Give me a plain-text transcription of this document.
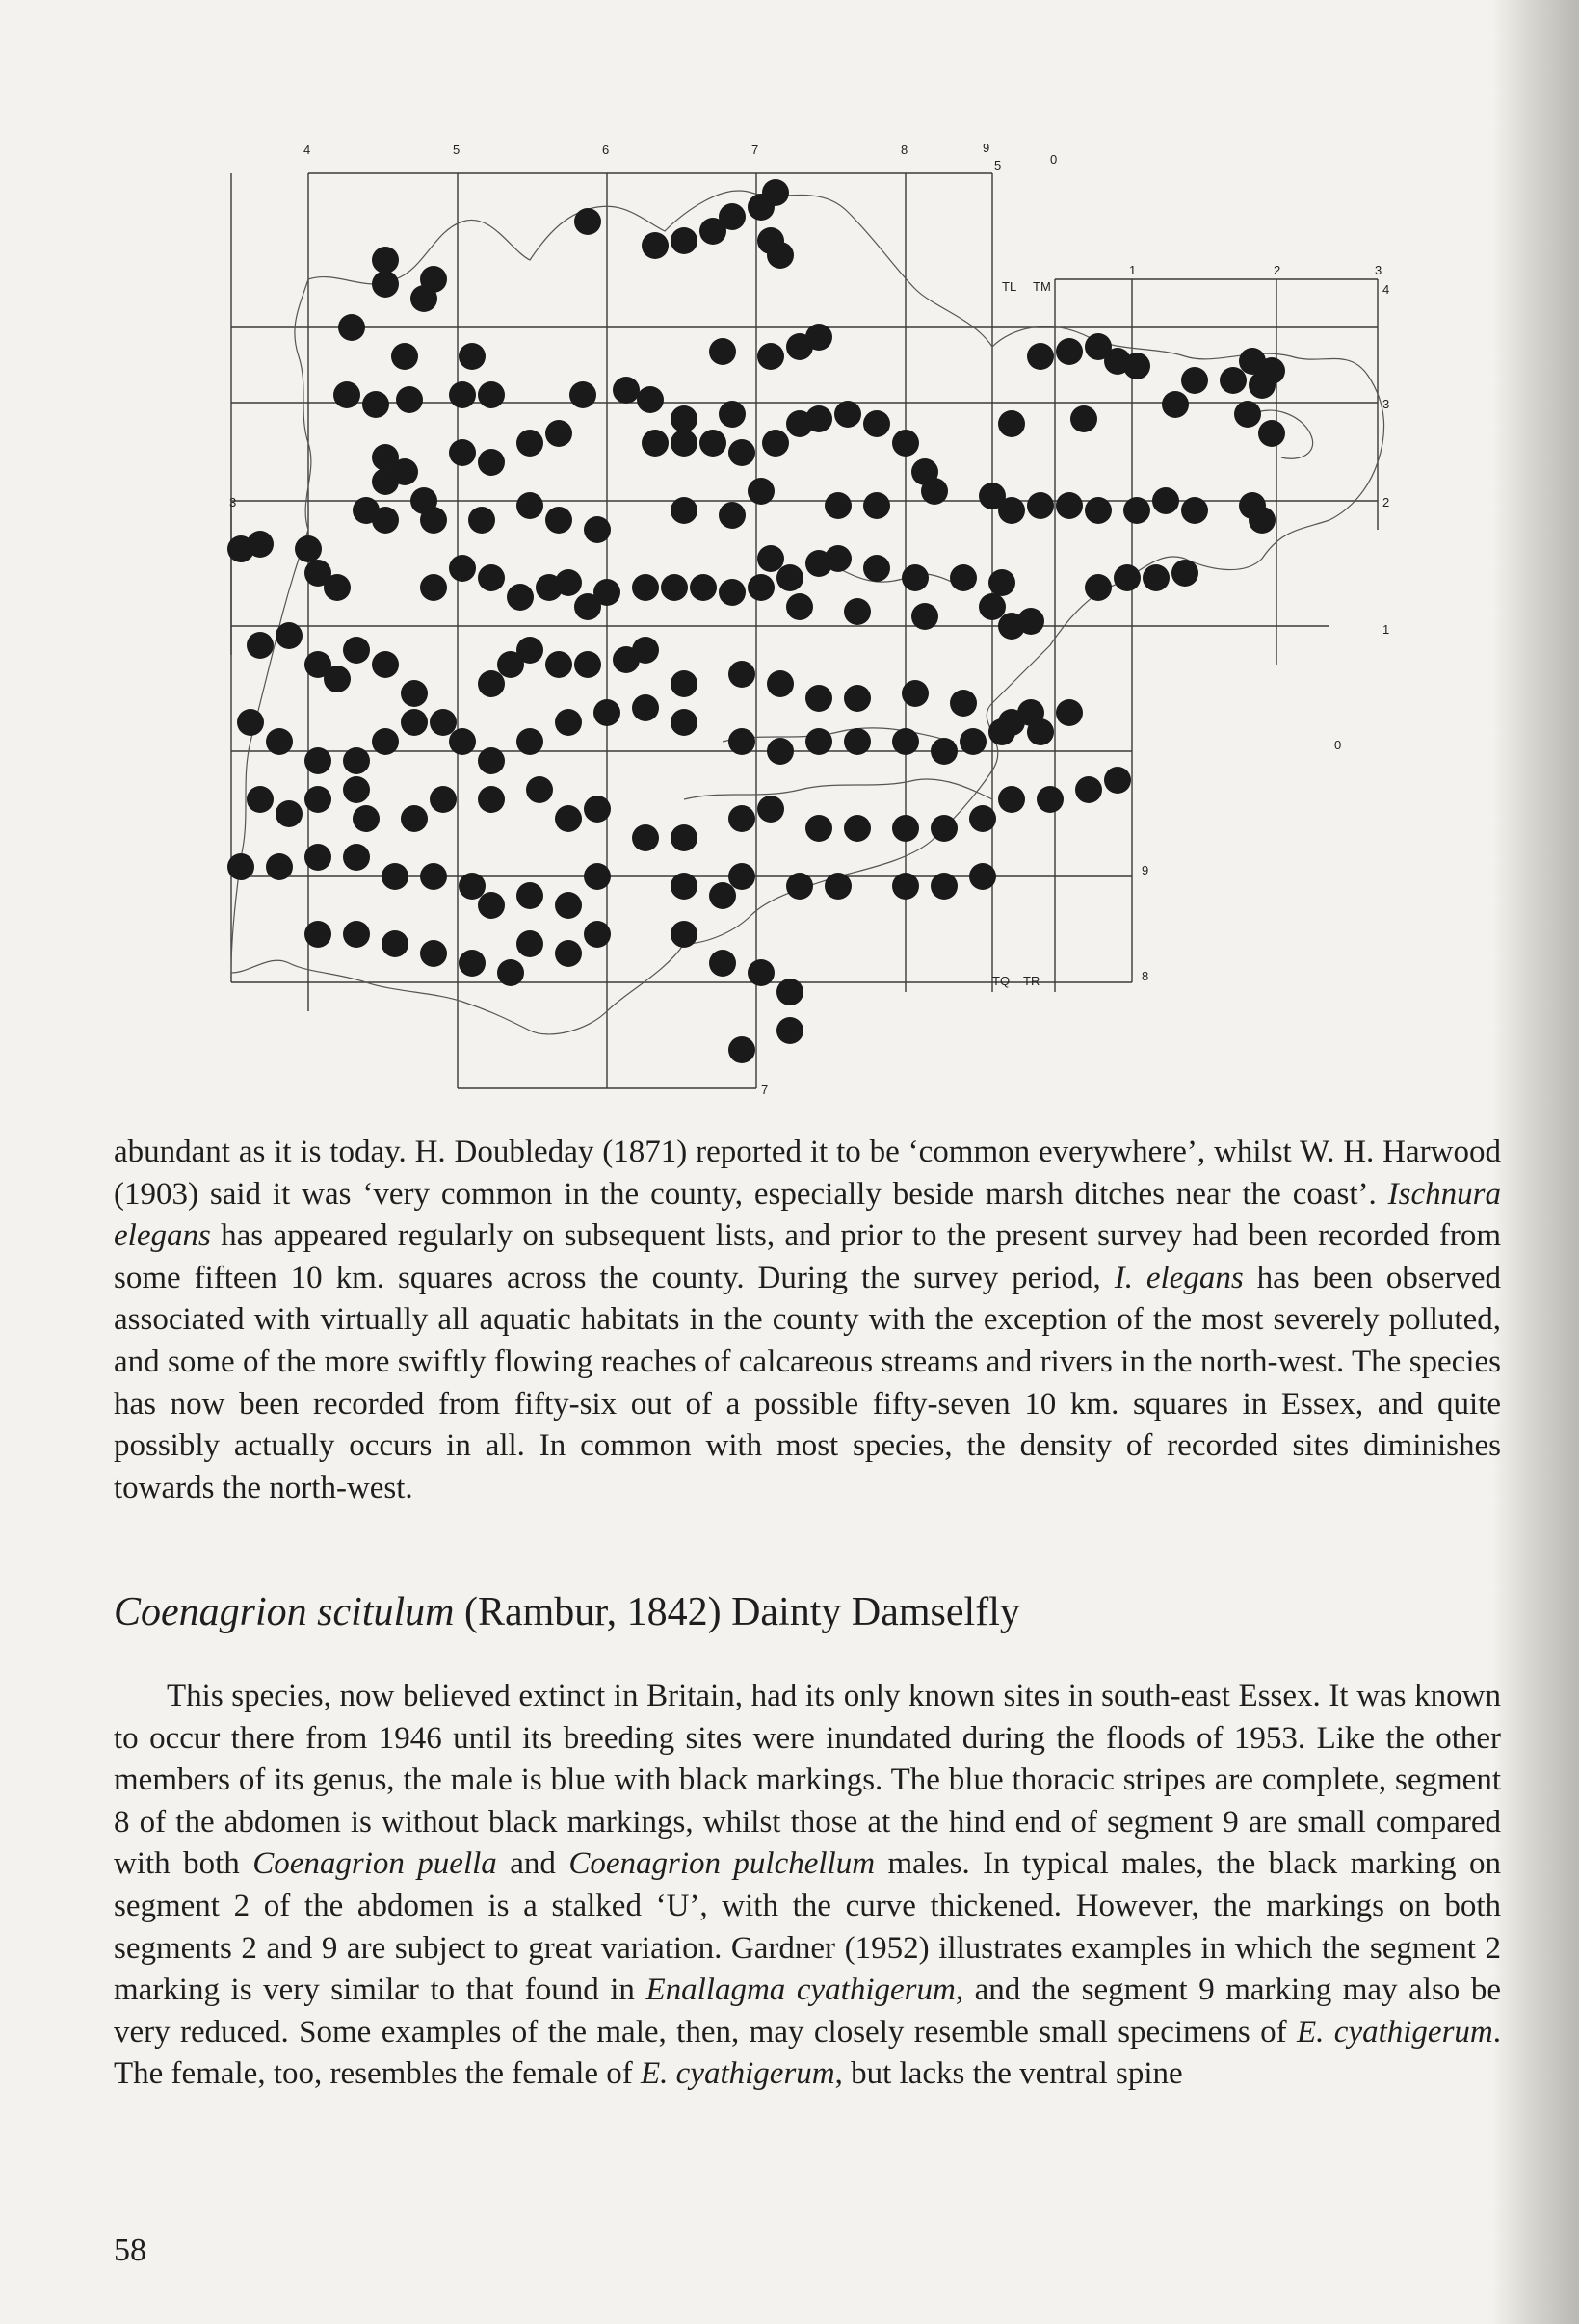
4	5	6	7	8	9
5	0
4
3
2
1
0
9
8
3
7
TL TM
1	2	3
TQ TR

abundant as it is today. H. Doubleday (1871) reported it to be ‘common everywhere’, whilst W. H. Harwood (1903) said it was ‘very common in the county, especially beside marsh ditches near the coast’. Ischnura elegans has appeared regularly on subsequent lists, and prior to the present survey had been recorded from some fifteen 10 km. squares across the county. During the survey period, I. elegans has been observed associated with virtually all aquatic habitats in the county with the exception of the most severely polluted, and some of the more swiftly flowing reaches of calcareous streams and rivers in the north-west. The species has now been recorded from fifty-six out of a possible fifty-seven 10 km. squares in Essex, and quite possibly actually occurs in all. In common with most species, the density of recorded sites diminishes towards the north-west.

Coenagrion scitulum (Rambur, 1842) Dainty Damselfly

This species, now believed extinct in Britain, had its only known sites in south-east Essex. It was known to occur there from 1946 until its breeding sites were inundated during the floods of 1953. Like the other members of its genus, the male is blue with black markings. The blue thoracic stripes are complete, segment 8 of the abdomen is without black markings, whilst those at the hind end of segment 9 are small compared with both Coenagrion puella and Coenagrion pulchellum males. In typical males, the black marking on segment 2 of the abdomen is a stalked ‘U’, with the curve thickened. However, the markings on both segments 2 and 9 are subject to great variation. Gardner (1952) illustrates examples in which the segment 2 marking is very similar to that found in Enallagma cyathigerum, and the segment 9 marking may also be very reduced. Some examples of the male, then, may closely resemble small specimens of E. cyathigerum. The female, too, resembles the female of E. cyathigerum, but lacks the ventral spine

58
